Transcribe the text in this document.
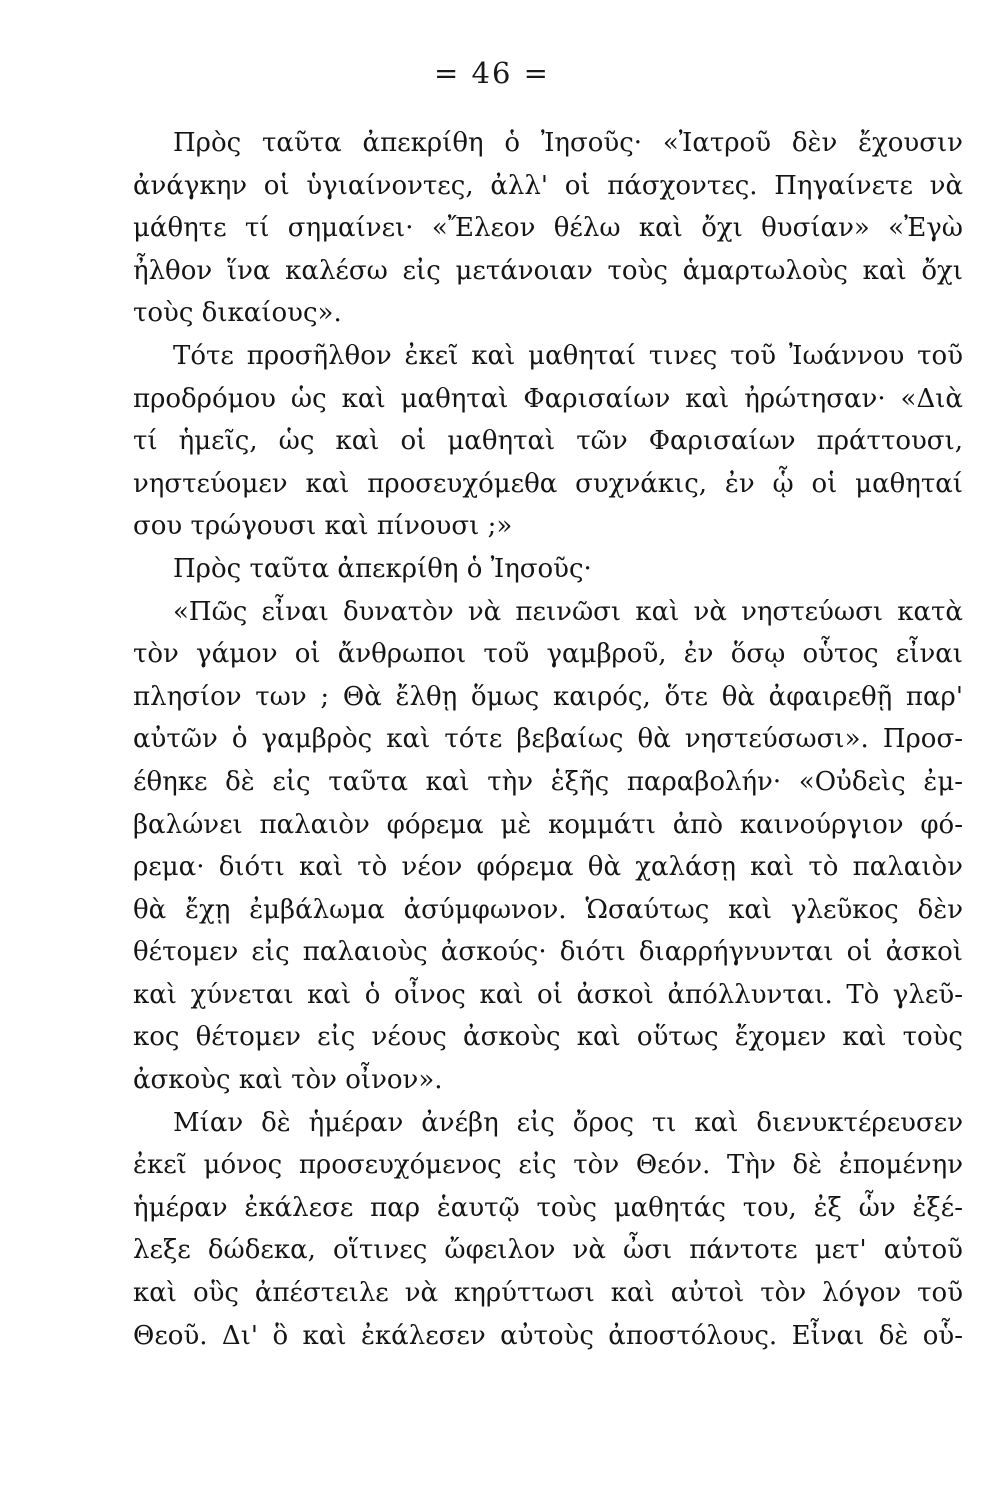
= 46 =
Πρὸς ταῦτα ἀπεκρίθη ὁ Ἰησοῦς· «Ἰατροῦ δὲν ἔχουσιν
ἀνάγκην οἱ ὑγιαίνοντες, ἀλλ' οἱ πάσχοντες. Πηγαίνετε νὰ
μάθητε τί σημαίνει· «Ἔλεον θέλω καὶ ὄχι θυσίαν» «Ἐγὼ
ἦλθον ἵνα καλέσω εἰς μετάνοιαν τοὺς ἁμαρτωλοὺς καὶ ὄχι
τοὺς δικαίους».
Τότε προσῆλθον ἐκεῖ καὶ μαθηταί τινες τοῦ Ἰωάννου τοῦ
προδρόμου ὡς καὶ μαθηταὶ Φαρισαίων καὶ ἠρώτησαν· «Διὰ
τί ἡμεῖς, ὡς καὶ οἱ μαθηταὶ τῶν Φαρισαίων πράττουσι,
νηστεύομεν καὶ προσευχόμεθα συχνάκις, ἐν ᾧ οἱ μαθηταί
σου τρώγουσι καὶ πίνουσι ;»
Πρὸς ταῦτα ἀπεκρίθη ὁ Ἰησοῦς·
«Πῶς εἶναι δυνατὸν νὰ πεινῶσι καὶ νὰ νηστεύωσι κατὰ
τὸν γάμον οἱ ἄνθρωποι τοῦ γαμβροῦ, ἐν ὅσῳ οὗτος εἶναι
πλησίον των ; Θὰ ἔλθῃ ὅμως καιρός, ὅτε θὰ ἀφαιρεθῇ παρ'
αὐτῶν ὁ γαμβρὸς καὶ τότε βεβαίως θὰ νηστεύσωσι». Προσ-
έθηκε δὲ εἰς ταῦτα καὶ τὴν ἑξῆς παραβολήν· «Οὐδεὶς ἐμ-
βαλώνει παλαιὸν φόρεμα μὲ κομμάτι ἀπὸ καινούργιον φό-
ρεμα· διότι καὶ τὸ νέον φόρεμα θὰ χαλάσῃ καὶ τὸ παλαιὸν
θὰ ἔχῃ ἐμβάλωμα ἀσύμφωνον. Ὡσαύτως καὶ γλεῦκος δὲν
θέτομεν εἰς παλαιοὺς ἀσκούς· διότι διαρρήγνυνται οἱ ἀσκοὶ
καὶ χύνεται καὶ ὁ οἶνος καὶ οἱ ἀσκοὶ ἀπόλλυνται. Τὸ γλεῦ-
κος θέτομεν εἰς νέους ἀσκοὺς καὶ οὕτως ἔχομεν καὶ τοὺς
ἀσκοὺς καὶ τὸν οἶνον».
Μίαν δὲ ἡμέραν ἀνέβη εἰς ὄρος τι καὶ διενυκτέρευσεν
ἐκεῖ μόνος προσευχόμενος εἰς τὸν Θεόν. Τὴν δὲ ἐπομένην
ἡμέραν ἐκάλεσε παρ ἑαυτῷ τοὺς μαθητάς του, ἐξ ὧν ἐξέ-
λεξε δώδεκα, οἵτινες ὤφειλον νὰ ὦσι πάντοτε μετ' αὐτοῦ
καὶ οὓς ἀπέστειλε νὰ κηρύττωσι καὶ αὐτοὶ τὸν λόγον τοῦ
Θεοῦ. Δι' ὃ καὶ ἐκάλεσεν αὐτοὺς ἀποστόλους. Εἶναι δὲ οὗ-
